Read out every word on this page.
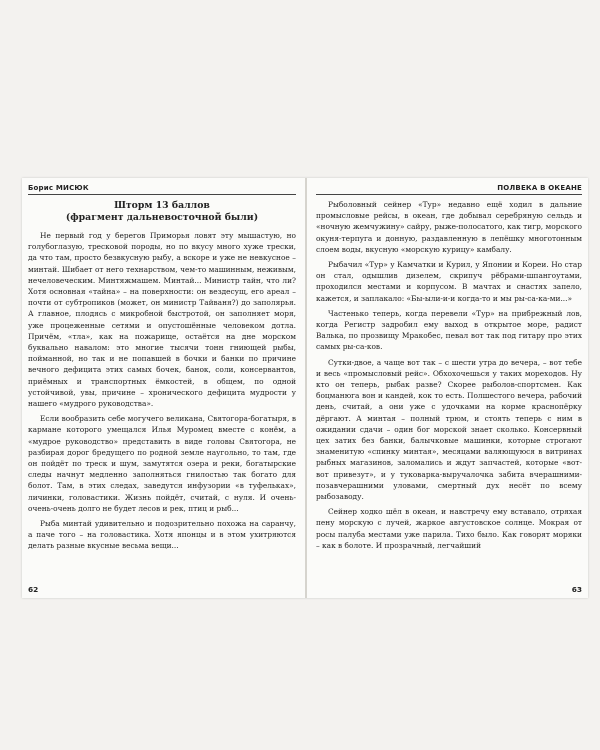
Борис МИСЮК
Шторм 13 баллов
(фрагмент дальневосточной были)

Не первый год у берегов Приморья ловят эту мышастую, но голубоглазую, тресковой породы, но по вкусу много хуже трески, да что там, просто безвкусную рыбу, а вскоре и уже не невкусное – минтай. Шибает от него технарством, чем-то машинным, неживым, нечеловеческим. Минтяжмашем. Минтай... Министр тайн, что ли? Хотя основная «тайна» – на поверхности: он вездесущ, его ареал – почти от субтропиков (может, он министр Тайваня?) до заполярья. А главное, плодясь с микробной быстротой, он заполняет моря, уже процеженные сетями и опустошённые человеком дотла. Причём, «тла», как на пожарище, остаётся на дне морском буквально навалом: это многие тысячи тонн гниющей рыбы, пойманной, но так и не попавшей в бочки и банки по причине вечного дефицита этих самых бочек, банок, соли, консервантов, приёмных и транспортных ёмкостей, в общем, по одной устойчивой, увы, причине – хронического дефицита мудрости у нашего «мудрого руководства».

Если вообразить себе могучего великана, Святогора-богатыря, в кармане которого умещался Илья Муромец вместе с конём, а «мудрое руководство» представить в виде головы Святогора, не разбирая дорог бредущего по родной земле наугольно, то там, где он пойдёт по треск и шум, замутятся озера и реки, богатырские следы начнут медленно заполняться гнилостью так богато для болот. Там, в этих следах, заведутся инфузории «в туфельках», личинки, головастики. Жизнь пойдёт, считай, с нуля. И очень-очень-очень долго не будет лесов и рек, птиц и рыб...

Рыба минтай удивительно и подозрительно похожа на саранчу, а паче того – на головастика. Хотя японцы и в этом ухитряются делать разные вкусные весьма вещи...

62
ПОЛВЕКА В ОКЕАНЕ

Рыболовный сейнер «Тур» недавно ещё ходил в дальние промысловые рейсы, в океан, где добывал серебряную сельдь и «ночную жемчужину» сайру, рыже-полосатого, как тигр, морского окуня-терпуга и донную, раздавленную в лепёшку многотонным слоем воды, вкусную «морскую курицу» камбалу.

Рыбачил «Тур» у Камчатки и Курил, у Японии и Кореи. Но стар он стал, одышлив дизелем, скрипуч рёбрами-шпангоутами, проходился местами и корпусом. В мачтах и снастях запело, кажется, и заплакало: «Бы-ыли-и-и когда-то и мы ры-са-ка-ми...»

Частенько теперь, когда перевели «Тур» на прибрежный лов, когда Регистр задробил ему выход в открытое море, радист Валька, по прозвищу Мракобес, певал вот так под гитару про этих самых ры-са-ков.

Сутки-двое, а чаще вот так – с шести утра до вечера, – вот тебе и весь «промысловый рейс». Обхохочешься у таких мореходов. Ну кто он теперь, рыбак разве? Скорее рыболов-спортсмен. Как боцманюга вон и кандей, кок то есть. Полшестого вечера, рабочий день, считай, а они уже с удочками на корме краснопёрку дёргают. А минтая – полный трюм, и стоять теперь с ним в ожидании сдачи – один бог морской знает сколько. Консервный цех затих без банки, балычковые машинки, которые строгают знаменитую «спинку минтая», месяцами валяющуюся в витринах рыбных магазинов, заломались и ждут запчастей, которые «вот-вот привезут», и у туковарка-выручалочка забита вчерашними-позавчерашними уловами, смертный дух несёт по всему рыбозаводу.

Сейнер ходко шёл в океан, и навстречу ему вставало, отряхая пену морскую с лучей, жаркое августовское солнце. Мокрая от росы палуба местами уже парила. Тихо было. Как говорят моряки – как в болоте. И прозрачный, легчайший

63
